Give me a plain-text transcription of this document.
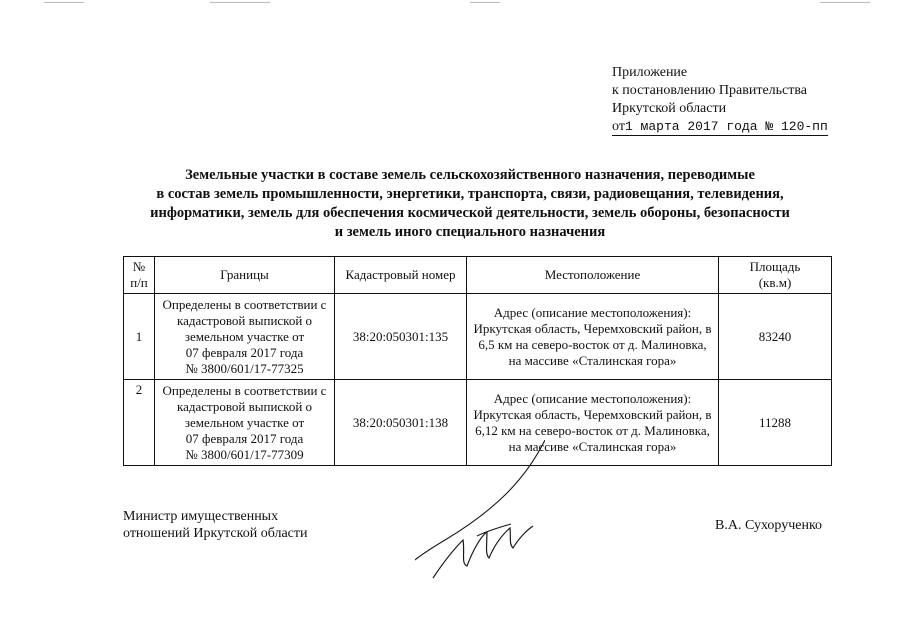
Приложение
к постановлению Правительства
Иркутской области
от1 марта 2017 года № 120-пп
Земельные участки в составе земель сельскохозяйственного назначения, переводимые
в состав земель промышленности, энергетики, транспорта, связи, радиовещания, телевидения,
информатики, земель для обеспечения космической деятельности, земель обороны, безопасности
и земель иного специального назначения
№
п/п	Границы	Кадастровый номер	Местоположение	Площадь
(кв.м)
1	Определены в соответствии с
кадастровой выпиской о
земельном участке от
07 февраля 2017 года
№ 3800/601/17-77325	38:20:050301:135	Адрес (описание местоположения):
Иркутская область, Черемховский район, в
6,5 км на северо-восток от д. Малиновка,
на массиве «Сталинская гора»	83240
2	Определены в соответствии с
кадастровой выпиской о
земельном участке от
07 февраля 2017 года
№ 3800/601/17-77309	38:20:050301:138	Адрес (описание местоположения):
Иркутская область, Черемховский район, в
6,12 км на северо-восток от д. Малиновка,
на массиве «Сталинская гора»	11288
Министр имущественных
отношений Иркутской области
В.А. Сухорученко
